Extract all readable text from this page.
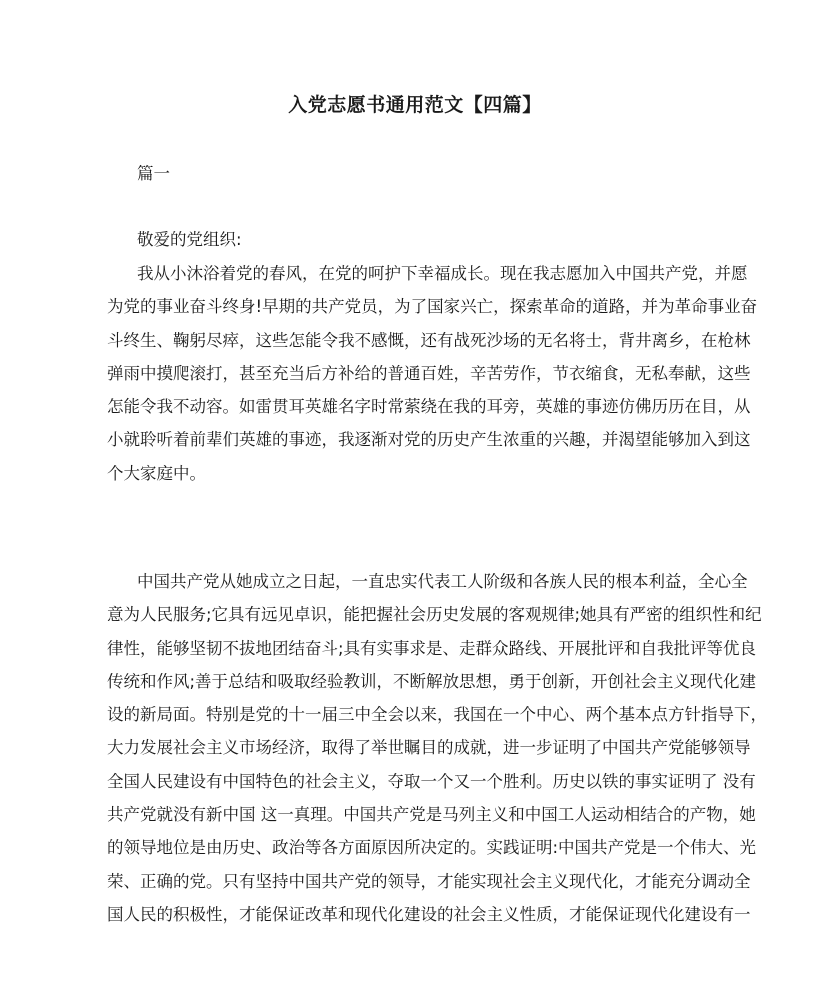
入党志愿书通用范文【四篇】
篇一
敬爱的党组织:
我从小沐浴着党的春风，在党的呵护下幸福成长。现在我志愿加入中国共产党，并愿
为党的事业奋斗终身!早期的共产党员，为了国家兴亡，探索革命的道路，并为革命事业奋
斗终生、鞠躬尽瘁，这些怎能令我不感慨，还有战死沙场的无名将士，背井离乡，在枪林
弹雨中摸爬滚打，甚至充当后方补给的普通百姓，辛苦劳作，节衣缩食，无私奉献，这些
怎能令我不动容。如雷贯耳英雄名字时常萦绕在我的耳旁，英雄的事迹仿佛历历在目，从
小就聆听着前辈们英雄的事迹，我逐渐对党的历史产生浓重的兴趣，并渴望能够加入到这
个大家庭中。
中国共产党从她成立之日起，一直忠实代表工人阶级和各族人民的根本利益，全心全
意为人民服务;它具有远见卓识，能把握社会历史发展的客观规律;她具有严密的组织性和纪
律性，能够坚韧不拔地团结奋斗;具有实事求是、走群众路线、开展批评和自我批评等优良
传统和作风;善于总结和吸取经验教训，不断解放思想，勇于创新，开创社会主义现代化建
设的新局面。特别是党的十一届三中全会以来，我国在一个中心、两个基本点方针指导下，
大力发展社会主义市场经济，取得了举世瞩目的成就，进一步证明了中国共产党能够领导
全国人民建设有中国特色的社会主义，夺取一个又一个胜利。历史以铁的事实证明了 没有
共产党就没有新中国 这一真理。中国共产党是马列主义和中国工人运动相结合的产物，她
的领导地位是由历史、政治等各方面原因所决定的。实践证明:中国共产党是一个伟大、光
荣、正确的党。只有坚持中国共产党的领导，才能实现社会主义现代化，才能充分调动全
国人民的积极性，才能保证改革和现代化建设的社会主义性质，才能保证现代化建设有一
